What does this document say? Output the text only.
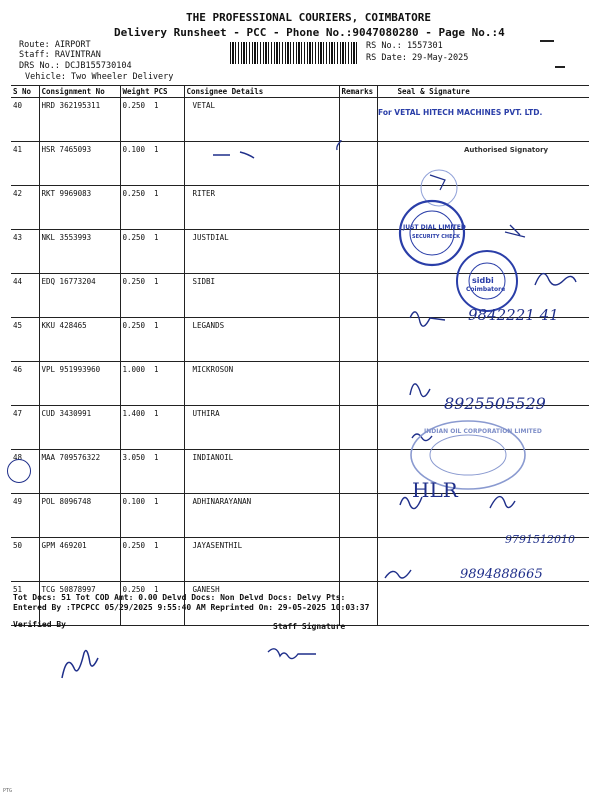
THE PROFESSIONAL COURIERS, COIMBATORE
Delivery Runsheet - PCC - Phone No.:9047080280 - Page No.:4
Route: AIRPORT
Staff: RAVINTRAN
DRS No.: DCJB155730104
Vehicle: Two Wheeler Delivery
RS No.: 1557301
RS Date: 29-May-2025
S No	Consignment No	Weight	PCS	Consignee Details	Remarks	Seal & Signature
40	HRD 362195311	0.250	1	VETAL		
41	HSR 7465093	0.100	1			
42	RKT 9969083	0.250	1	RITER		
43	NKL 3553993	0.250	1	JUSTDIAL		
44	EDQ 16773204	0.250	1	SIDBI		
45	KKU 428465	0.250	1	LEGANDS		
46	VPL 951993960	1.000	1	MICKROSON		
47	CUD 3430991	1.400	1	UTHIRA		
48	MAA 709576322	3.050	1	INDIANOIL		
49	POL 8096748	0.100	1	ADHINARAYANAN		
50	GPM 469201	0.250	1	JAYASENTHIL		
51	TCG 50878997	0.250	1	GANESH		
For VETAL HITECH MACHINES PVT. LTD.
Authorised Signatory
JUST DIAL LIMITED
SECURITY CHECK
sidbi
Coimbatore
INDIAN OIL CORPORATION LIMITED
9842221 41
8925505529
9791512010
9894888665
HLR
Tot Docs: 51 Tot COD Amt: 0.00 Delvd Docs: Non Delvd Docs: Delvy Pts:
Entered By :TPCPCC 05/29/2025 9:55:40 AM Reprinted On: 29-05-2025 10:03:37
Verified By	Staff Signature
PTG
